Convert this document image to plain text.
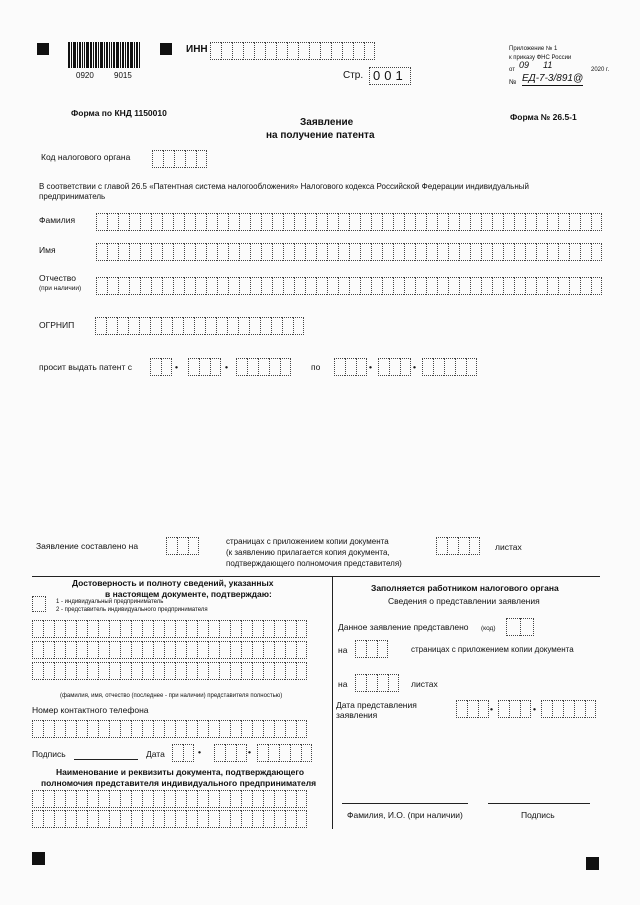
0920	9015
ИНН
Стр. 001
Приложение № 1
к приказу ФНС России
от 09 11	2020 г.
№ ЕД-7-3/891@
Форма по КНД 1150010	Форма № 26.5-1
Заявление
на получение патента
Код налогового органа
В соответствии с главой 26.5 «Патентная система налогообложения» Налогового кодекса Российской Федерации индивидуальный
предприниматель
Фамилия
Имя
Отчество
(при наличии)
ОГРНИП
просит выдать патент с	•	•	по	•	•
Заявление составлено на	страницах с приложением копии документа
(к заявлению прилагается копия документа,
подтверждающего полномочия представителя)
листах
Достоверность и полноту сведений, указанных
в настоящем документе, подтверждаю:
1 - индивидуальный предприниматель
2 - представитель индивидуального предпринимателя
(фамилия, имя, отчество (последнее - при наличии) представителя полностью)
Номер контактного телефона
Подпись	Дата	•	•
Наименование и реквизиты документа, подтверждающего
полномочия представителя индивидуального предпринимателя
Заполняется работником налогового органа
Сведения о представлении заявления
Данное заявление представлено (код)
на	страницах с приложением копии документа
на	листах
Дата представления
заявления
•	•
Фамилия, И.О. (при наличии)	Подпись
